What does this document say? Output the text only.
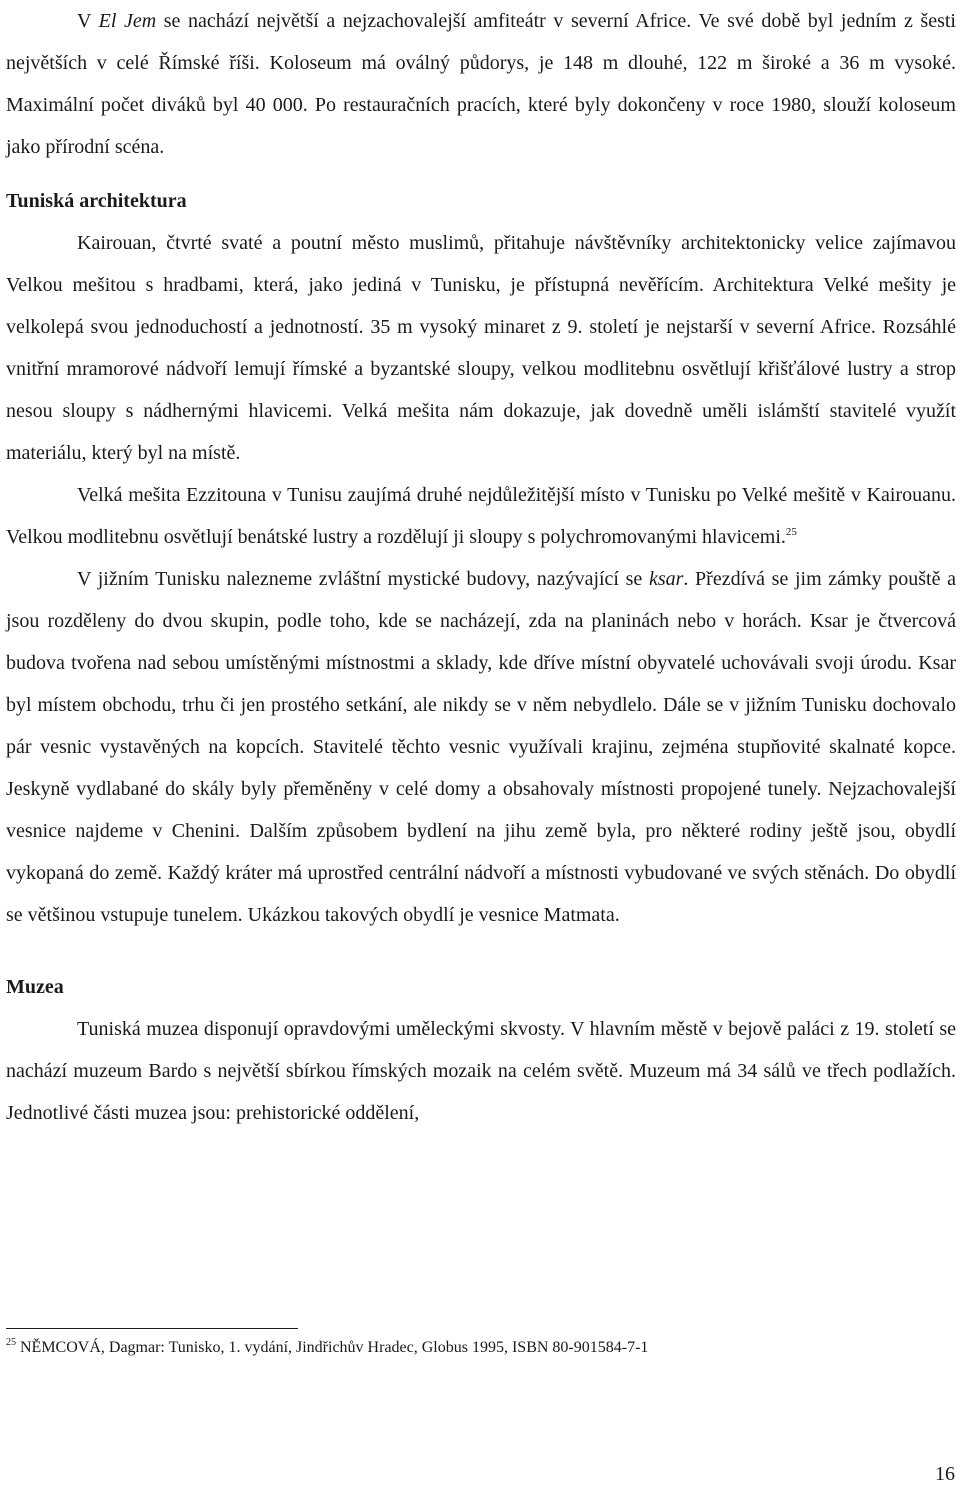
V El Jem se nachází největší a nejzachovalejší amfiteátr v severní Africe. Ve své době byl jedním z šesti největších v celé Římské říši. Koloseum má oválný půdorys, je 148 m dlouhé, 122 m široké a 36 m vysoké. Maximální počet diváků byl 40 000. Po restauračních pracích, které byly dokončeny v roce 1980, slouží koloseum jako přírodní scéna.

Tuniská architektura

Kairouan, čtvrté svaté a poutní město muslimů, přitahuje návštěvníky architektonicky velice zajímavou Velkou mešitou s hradbami, která, jako jediná v Tunisku, je přístupná nevěřícím. Architektura Velké mešity je velkolepá svou jednoduchostí a jednotností. 35 m vysoký minaret z 9. století je nejstarší v severní Africe. Rozsáhlé vnitřní mramorové nádvoří lemují římské a byzantské sloupy, velkou modlitebnu osvětlují křišťálové lustry a strop nesou sloupy s nádhernými hlavicemi. Velká mešita nám dokazuje, jak dovedně uměli islámští stavitelé využít materiálu, který byl na místě.

Velká mešita Ezzitouna v Tunisu zaujímá druhé nejdůležitější místo v Tunisku po Velké mešitě v Kairouanu. Velkou modlitebnu osvětlují benátské lustry a rozdělují ji sloupy s polychromovanými hlavicemi.$^{25}$

V jižním Tunisku nalezneme zvláštní mystické budovy, nazývající se ksar. Přezdívá se jim zámky pouště a jsou rozděleny do dvou skupin, podle toho, kde se nacházejí, zda na planinách nebo v horách. Ksar je čtvercová budova tvořena nad sebou umístěnými místnostmi a sklady, kde dříve místní obyvatelé uchovávali svoji úrodu. Ksar byl místem obchodu, trhu či jen prostého setkání, ale nikdy se v něm nebydlelo. Dále se v jižním Tunisku dochovalo pár vesnic vystavěných na kopcích. Stavitelé těchto vesnic využívali krajinu, zejména stupňovité skalnaté kopce. Jeskyně vydlabané do skály byly přeměněny v celé domy a obsahovaly místnosti propojené tunely. Nejzachovalejší vesnice najdeme v Chenini. Dalším způsobem bydlení na jihu země byla, pro některé rodiny ještě jsou, obydlí vykopaná do země. Každý kráter má uprostřed centrální nádvoří a místnosti vybudované ve svých stěnách. Do obydlí se většinou vstupuje tunelem. Ukázkou takových obydlí je vesnice Matmata.

Muzea

Tuniská muzea disponují opravdovými uměleckými skvosty. V hlavním městě v bejově paláci z 19. století se nachází muzeum Bardo s největší sbírkou římských mozaik na celém světě. Muzeum má 34 sálů ve třech podlažích. Jednotlivé části muzea jsou: prehistorické oddělení,

$^{25}$ NĚMCOVÁ, Dagmar: Tunisko, 1. vydání, Jindřichův Hradec, Globus 1995, ISBN 80-901584-7-1
16
